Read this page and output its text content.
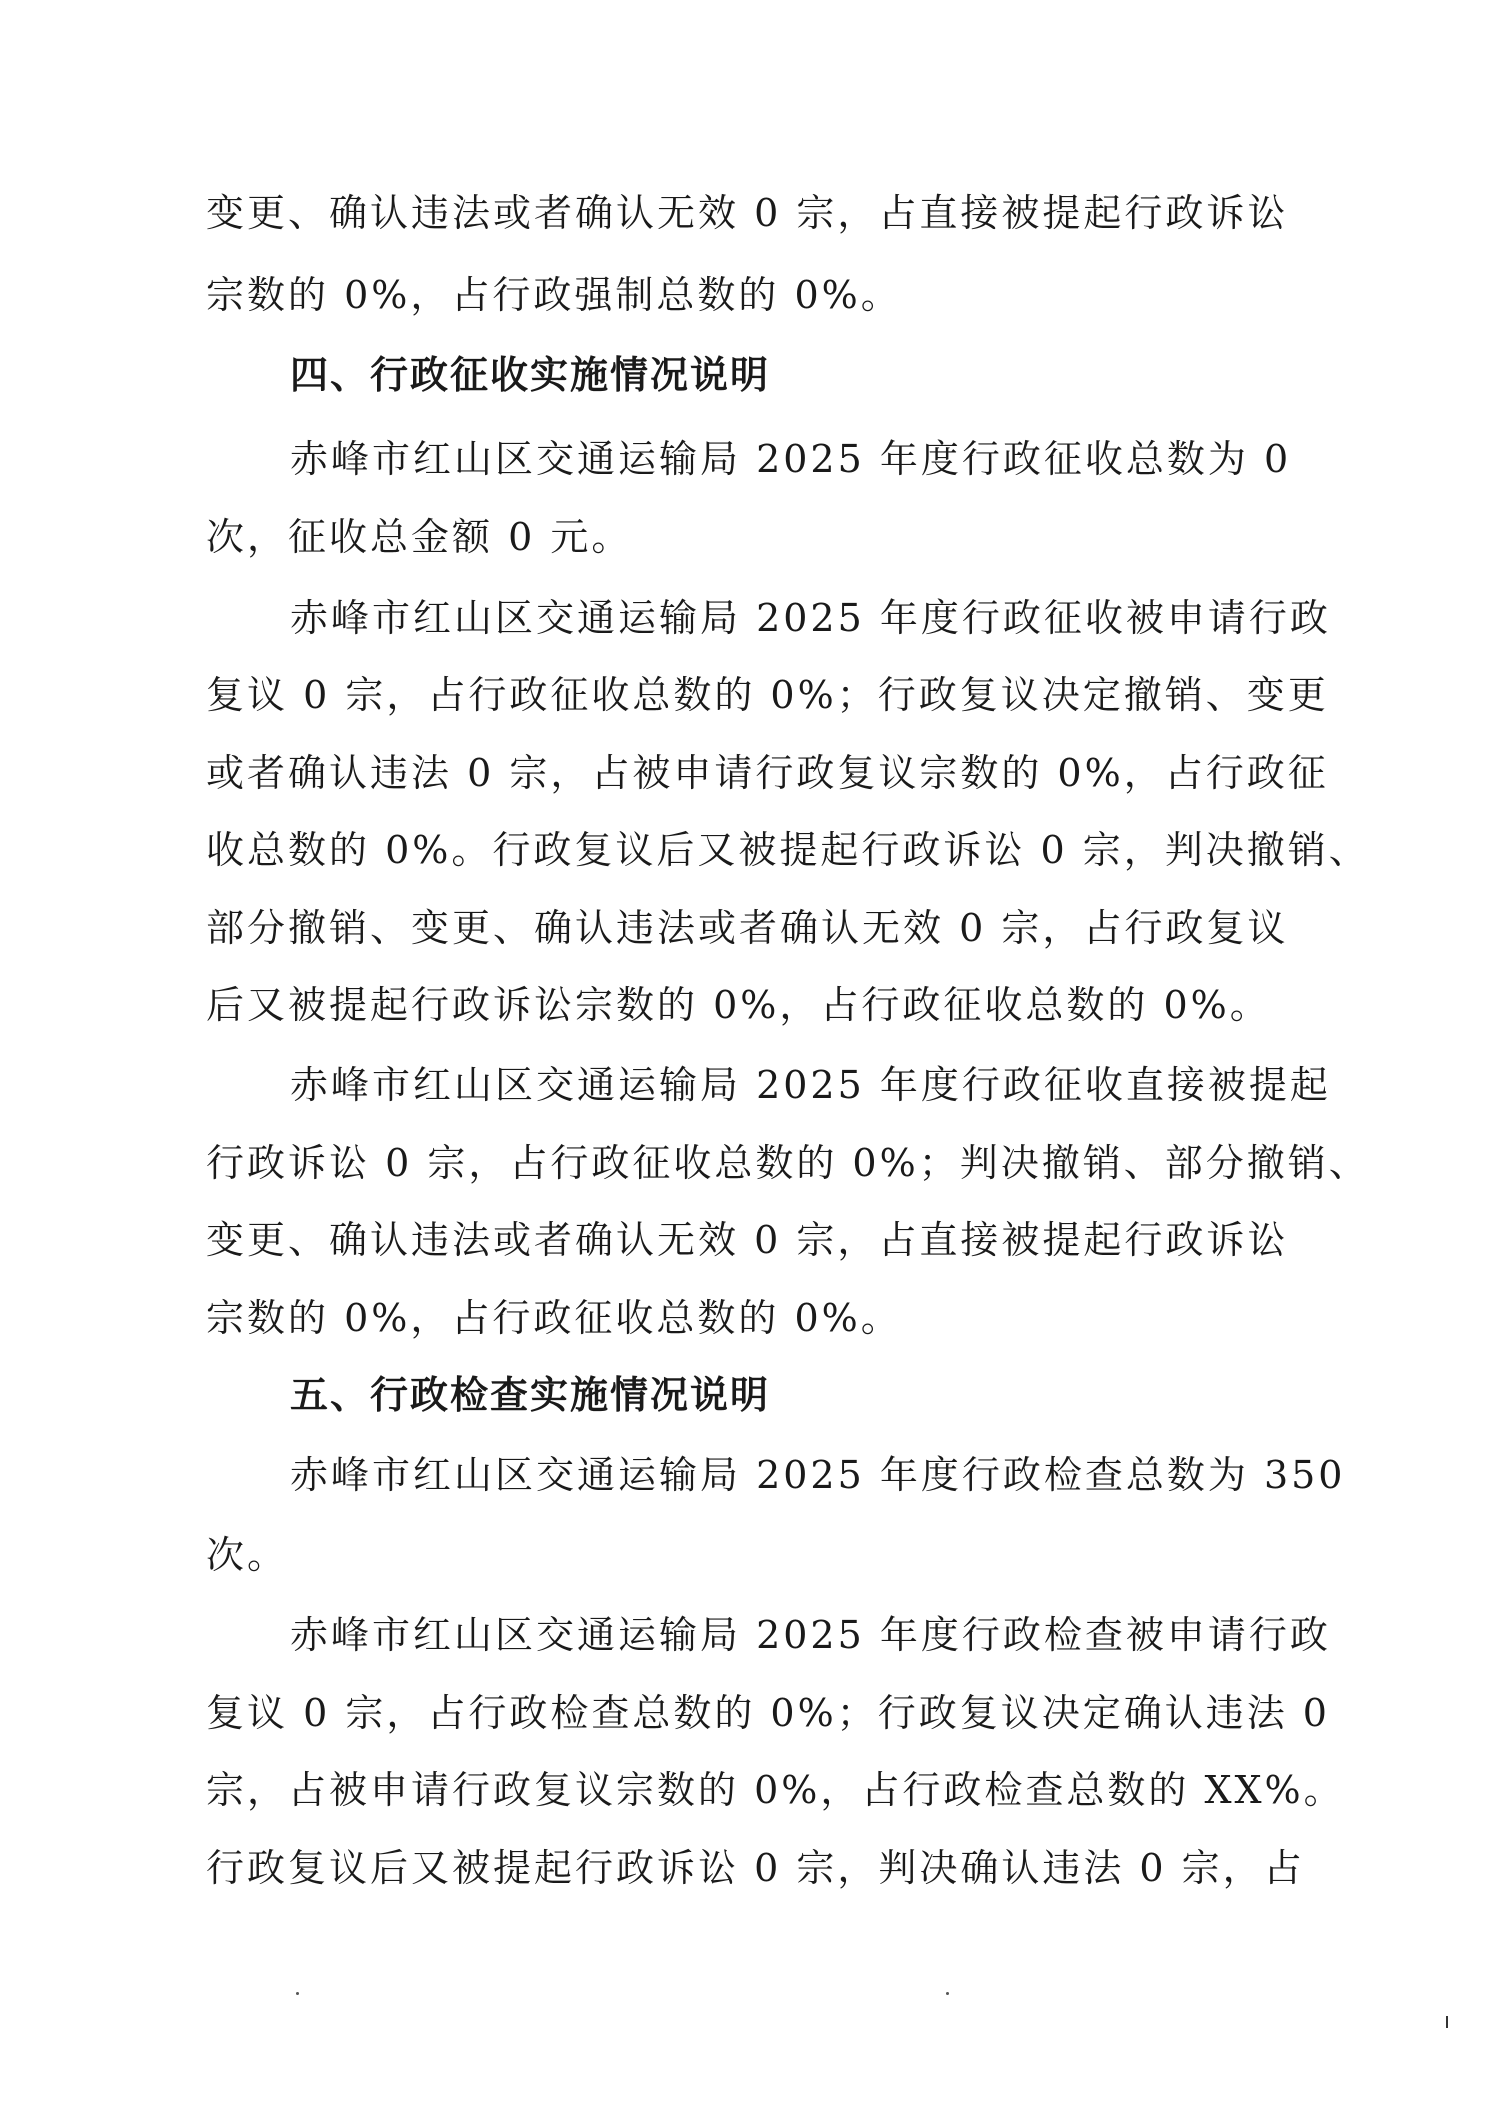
变更、确认违法或者确认无效 0 宗，占直接被提起行政诉讼

宗数的 0%，占行政强制总数的 0%。

四、行政征收实施情况说明

赤峰市红山区交通运输局 2025 年度行政征收总数为 0

次，征收总金额 0 元。

赤峰市红山区交通运输局 2025 年度行政征收被申请行政

复议 0 宗，占行政征收总数的 0%；行政复议决定撤销、变更

或者确认违法 0 宗，占被申请行政复议宗数的 0%，占行政征

收总数的 0%。行政复议后又被提起行政诉讼 0 宗，判决撤销、

部分撤销、变更、确认违法或者确认无效 0 宗，占行政复议

后又被提起行政诉讼宗数的 0%，占行政征收总数的 0%。

赤峰市红山区交通运输局 2025 年度行政征收直接被提起

行政诉讼 0 宗，占行政征收总数的 0%；判决撤销、部分撤销、

变更、确认违法或者确认无效 0 宗，占直接被提起行政诉讼

宗数的 0%，占行政征收总数的 0%。

五、行政检查实施情况说明

赤峰市红山区交通运输局 2025 年度行政检查总数为 350

次。

赤峰市红山区交通运输局 2025 年度行政检查被申请行政

复议 0 宗，占行政检查总数的 0%；行政复议决定确认违法 0

宗，占被申请行政复议宗数的 0%，占行政检查总数的 XX%。

行政复议后又被提起行政诉讼 0 宗，判决确认违法 0 宗，占
